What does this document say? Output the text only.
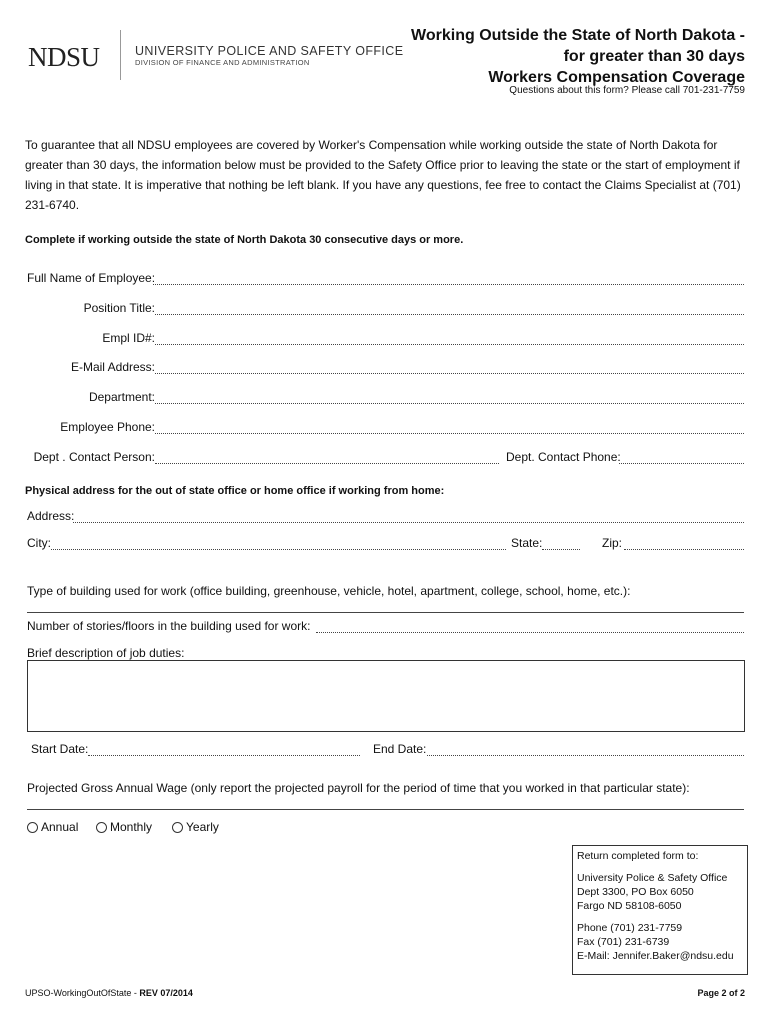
NDSU	UNIVERSITY POLICE AND SAFETY OFFICE
DIVISION OF FINANCE AND ADMINISTRATION
Working Outside the State of North Dakota -
for greater than 30 days
Workers Compensation Coverage
Questions about this form? Please call 701-231-7759
To guarantee that all NDSU employees are covered by Worker's Compensation while working outside the state of North Dakota for greater than 30 days, the information below must be provided to the Safety Office prior to leaving the state or the start of employment if living in that state. It is imperative that nothing be left blank. If you have any questions, fee free to contact the Claims Specialist at (701) 231-6740.
Complete if working outside the state of North Dakota 30 consecutive days or more.
Full Name of Employee:
Position Title:
Empl ID#:
E-Mail Address:
Department:
Employee Phone:
Dept . Contact Person:	Dept. Contact Phone:
Physical address for the out of state office or home office if working from home:
Address:
City:	State:	Zip:
Type of building used for work (office building, greenhouse, vehicle, hotel, apartment, college, school, home, etc.):
Number of stories/floors in the building used for work:
Brief description of job duties:
Start Date:	End Date:
Projected Gross Annual Wage (only report the projected payroll for the period of time that you worked in that particular state):
Annual	Monthly	Yearly
Return completed form to:
University Police & Safety Office
Dept 3300, PO Box 6050
Fargo ND 58108-6050
Phone (701) 231-7759
Fax (701) 231-6739
E-Mail: Jennifer.Baker@ndsu.edu
UPSO-WorkingOutOfState - REV 07/2014	Page 2 of 2
